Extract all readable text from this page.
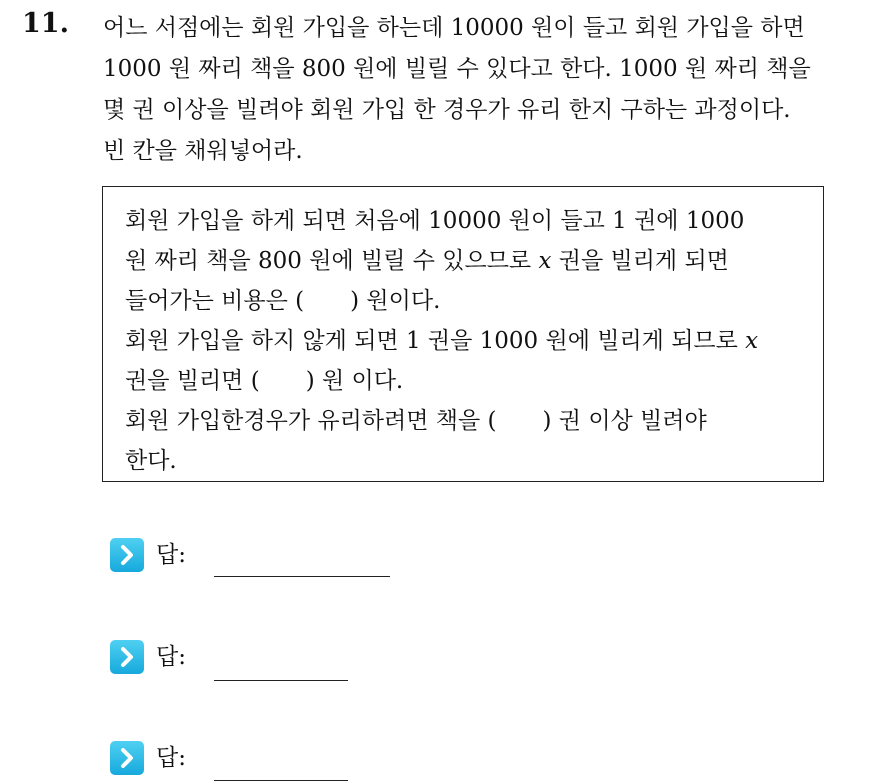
11. 어느 서점에는 회원 가입을 하는데 10000 원이 들고 회원 가입을 하면
1000 원 짜리 책을 800 원에 빌릴 수 있다고 한다. 1000 원 짜리 책을
몇 권 이상을 빌려야 회원 가입 한 경우가 유리 한지 구하는 과정이다.
빈 칸을 채워넣어라.
회원 가입을 하게 되면 처음에 10000 원이 들고 1 권에 1000
원 짜리 책을 800 원에 빌릴 수 있으므로 x 권을 빌리게 되면
들어가는 비용은 ( ) 원이다.
회원 가입을 하지 않게 되면 1 권을 1000 원에 빌리게 되므로 x
권을 빌리면 ( ) 원 이다.
회원 가입한경우가 유리하려면 책을 ( ) 권 이상 빌려야
한다.
답:
답:
답:
